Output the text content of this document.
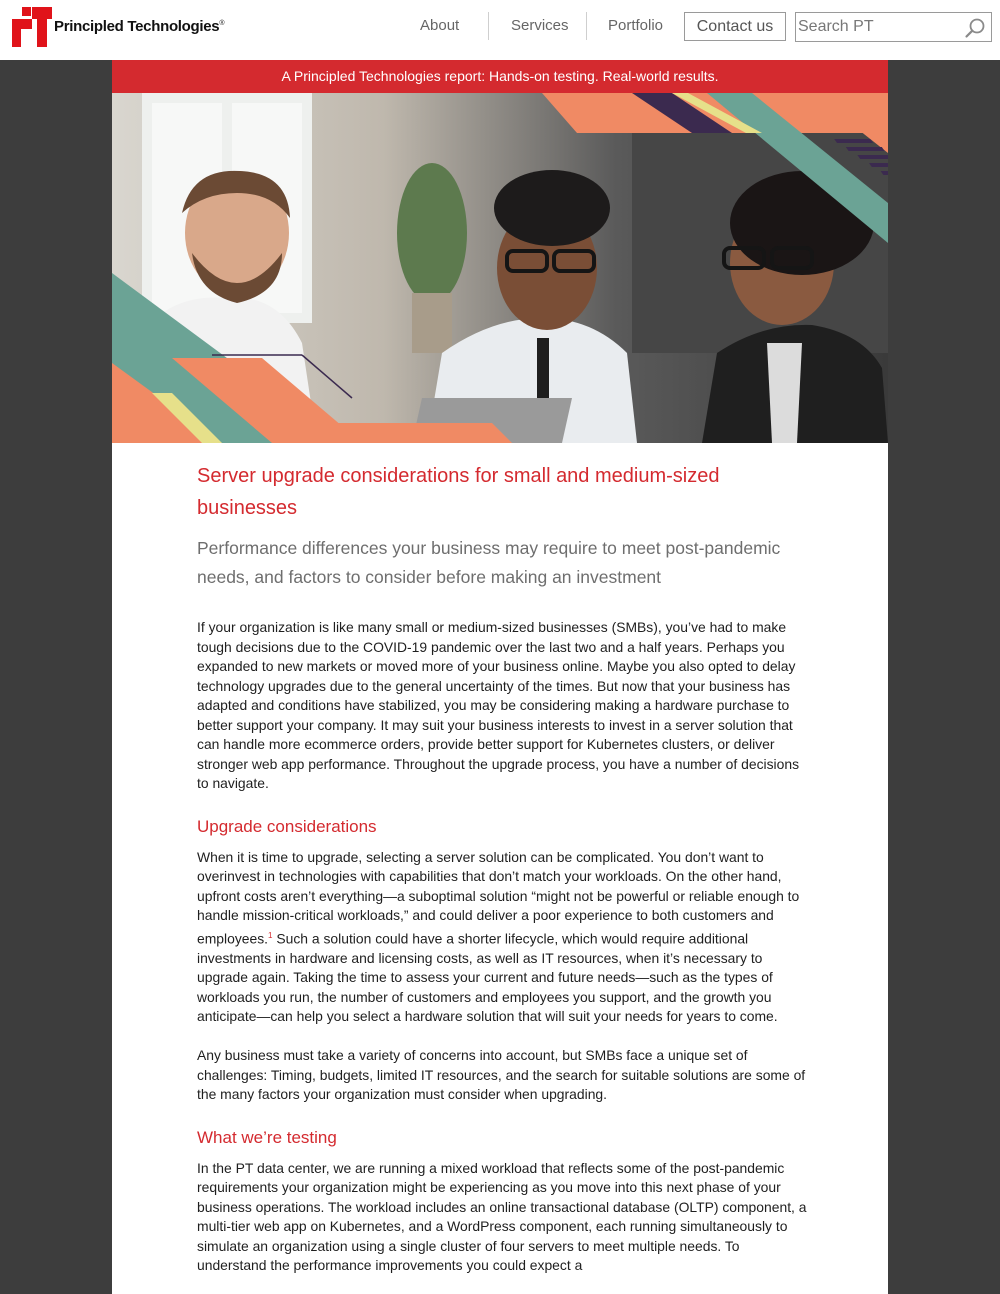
Principled Technologies®	About	Services	Portfolio	Contact us
Search PT
A Principled Technologies report: Hands-on testing. Real-world results.
Server upgrade considerations for small and medium-sized businesses
Performance differences your business may require to meet post-pandemic needs, and factors to consider before making an investment

If your organization is like many small or medium-sized businesses (SMBs), you’ve had to make tough decisions due to the COVID-19 pandemic over the last two and a half years. Perhaps you expanded to new markets or moved more of your business online. Maybe you also opted to delay technology upgrades due to the general uncertainty of the times. But now that your business has adapted and conditions have stabilized, you may be considering making a hardware purchase to better support your company. It may suit your business interests to invest in a server solution that can handle more ecommerce orders, provide better support for Kubernetes clusters, or deliver stronger web app performance. Throughout the upgrade process, you have a number of decisions to navigate.

Upgrade considerations

When it is time to upgrade, selecting a server solution can be complicated. You don’t want to overinvest in technologies with capabilities that don’t match your workloads. On the other hand, upfront costs aren’t everything—a suboptimal solution “might not be powerful or reliable enough to handle mission-critical workloads,” and could deliver a poor experience to both customers and employees.$^1$ Such a solution could have a shorter lifecycle, which would require additional investments in hardware and licensing costs, as well as IT resources, when it’s necessary to upgrade again. Taking the time to assess your current and future needs—such as the types of workloads you run, the number of customers and employees you support, and the growth you anticipate—can help you select a hardware solution that will suit your needs for years to come.

Any business must take a variety of concerns into account, but SMBs face a unique set of challenges: Timing, budgets, limited IT resources, and the search for suitable solutions are some of the many factors your organization must consider when upgrading.

What we’re testing

In the PT data center, we are running a mixed workload that reflects some of the post-pandemic requirements your organization might be experiencing as you move into this next phase of your business operations. The workload includes an online transactional database (OLTP) component, a multi-tier web app on Kubernetes, and a WordPress component, each running simultaneously to simulate an organization using a single cluster of four servers to meet multiple needs. To understand the performance improvements you could expect a
